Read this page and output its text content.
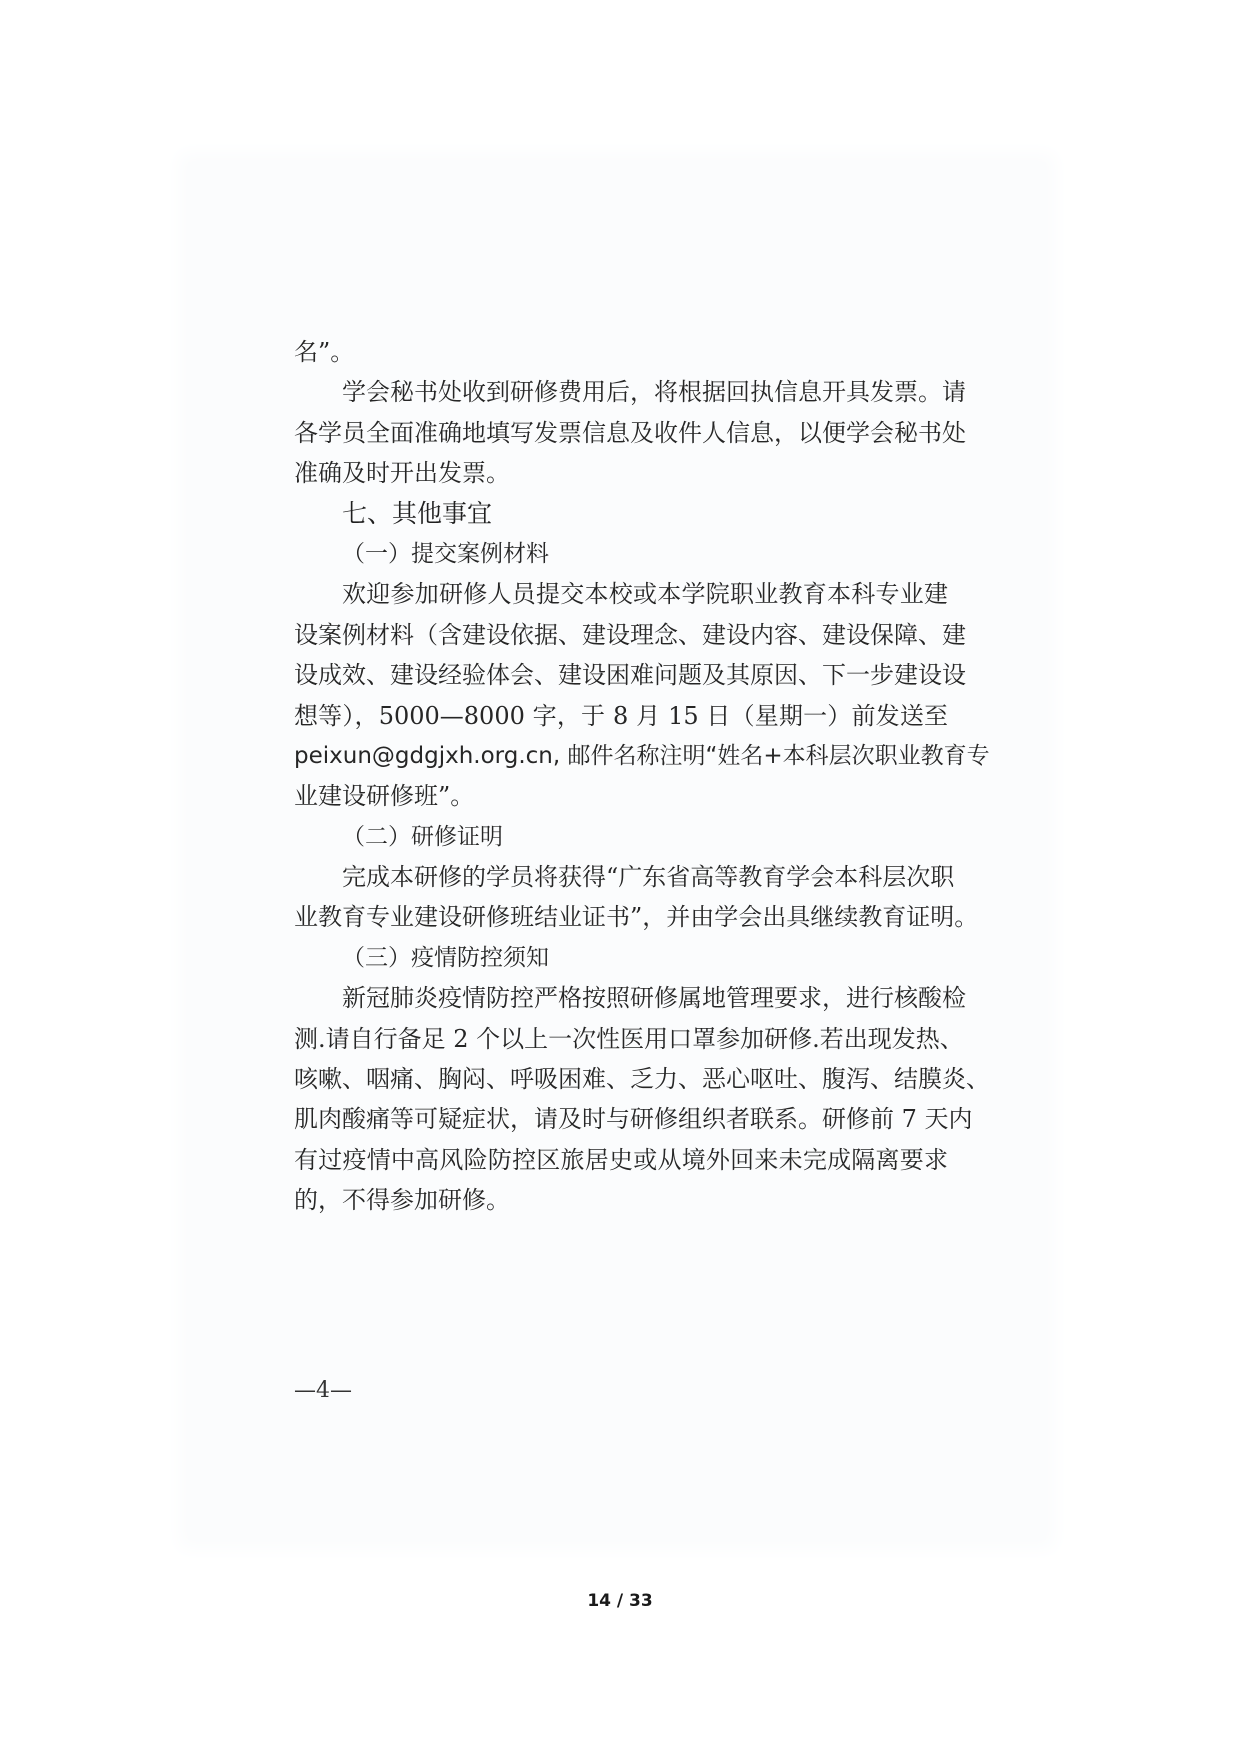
名”。
学会秘书处收到研修费用后，将根据回执信息开具发票。请
各学员全面准确地填写发票信息及收件人信息，以便学会秘书处
准确及时开出发票。
七、其他事宜
（一）提交案例材料
欢迎参加研修人员提交本校或本学院职业教育本科专业建
设案例材料（含建设依据、建设理念、建设内容、建设保障、建
设成效、建设经验体会、建设困难问题及其原因、下一步建设设
想等），5000—8000 字，于 8 月 15 日（星期一）前发送至
peixun@gdgjxh.org.cn, 邮件名称注明“姓名+本科层次职业教育专
业建设研修班”。
（二）研修证明
完成本研修的学员将获得“广东省高等教育学会本科层次职
业教育专业建设研修班结业证书”，并由学会出具继续教育证明。
（三）疫情防控须知
新冠肺炎疫情防控严格按照研修属地管理要求，进行核酸检
测.请自行备足 2 个以上一次性医用口罩参加研修.若出现发热、
咳嗽、咽痛、胸闷、呼吸困难、乏力、恶心呕吐、腹泻、结膜炎、
肌肉酸痛等可疑症状，请及时与研修组织者联系。研修前 7 天内
有过疫情中高风险防控区旅居史或从境外回来未完成隔离要求
的，不得参加研修。
—4—
14 / 33
